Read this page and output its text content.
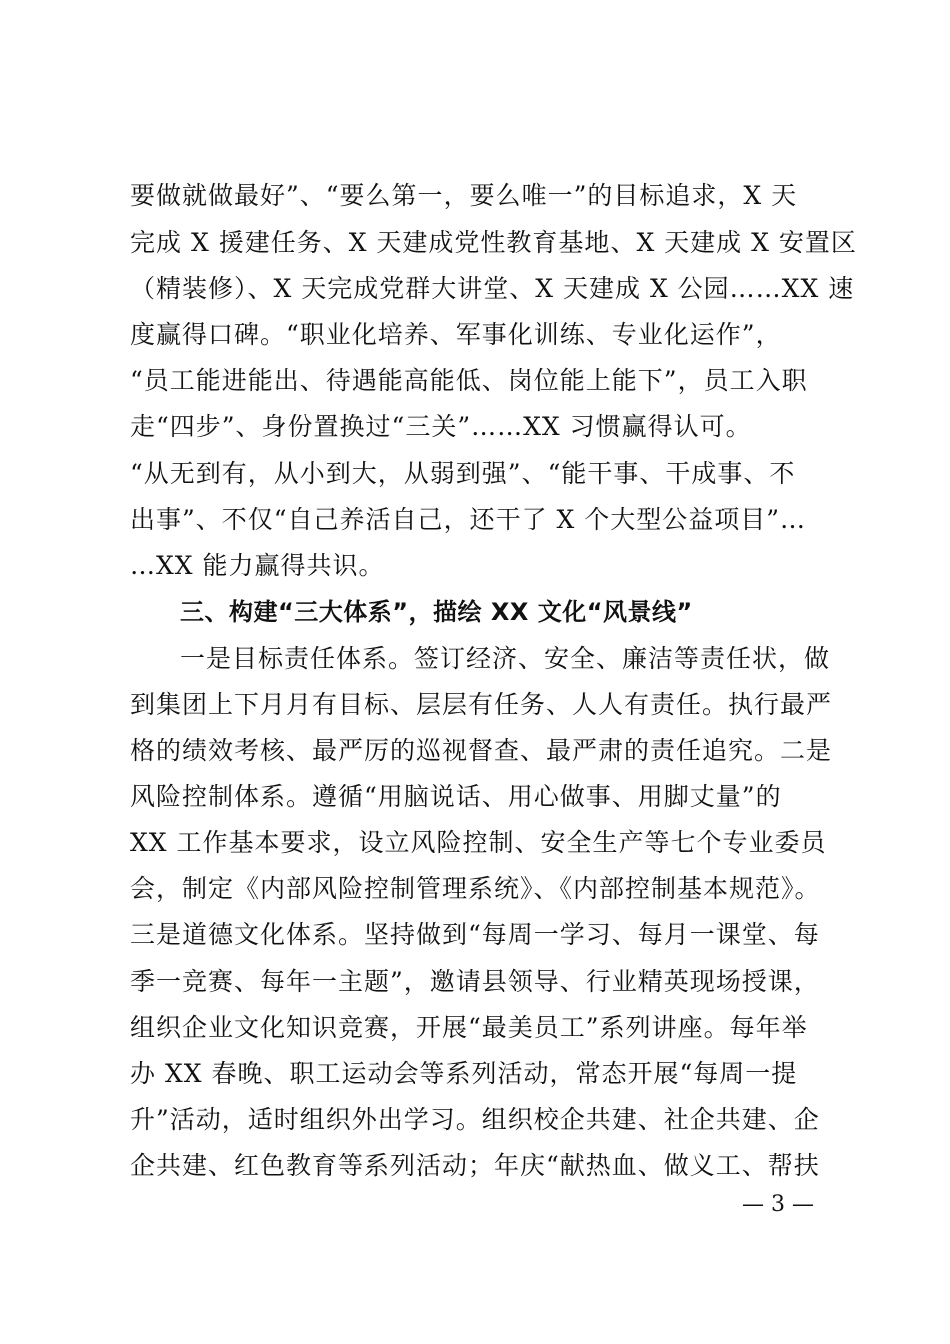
要做就做最好”、“要么第一，要么唯一”的目标追求，X 天
完成 X 援建任务、X 天建成党性教育基地、X 天建成 X 安置区
（精装修）、X 天完成党群大讲堂、X 天建成 X 公园……XX 速
度赢得口碑。“职业化培养、军事化训练、专业化运作”，
“员工能进能出、待遇能高能低、岗位能上能下”，员工入职
走“四步”、身份置换过“三关”……XX 习惯赢得认可。
“从无到有，从小到大，从弱到强”、“能干事、干成事、不
出事”、不仅“自己养活自己，还干了 X 个大型公益项目”…
…XX 能力赢得共识。
三、构建“三大体系”，描绘 XX 文化“风景线”
一是目标责任体系。签订经济、安全、廉洁等责任状，做
到集团上下月月有目标、层层有任务、人人有责任。执行最严
格的绩效考核、最严厉的巡视督查、最严肃的责任追究。二是
风险控制体系。遵循“用脑说话、用心做事、用脚丈量”的
XX 工作基本要求，设立风险控制、安全生产等七个专业委员
会，制定《内部风险控制管理系统》、《内部控制基本规范》。
三是道德文化体系。坚持做到“每周一学习、每月一课堂、每
季一竞赛、每年一主题”，邀请县领导、行业精英现场授课，
组织企业文化知识竞赛，开展“最美员工”系列讲座。每年举
办 XX 春晚、职工运动会等系列活动，常态开展“每周一提
升”活动，适时组织外出学习。组织校企共建、社企共建、企
企共建、红色教育等系列活动；年庆“献热血、做义工、帮扶
— 3 —
